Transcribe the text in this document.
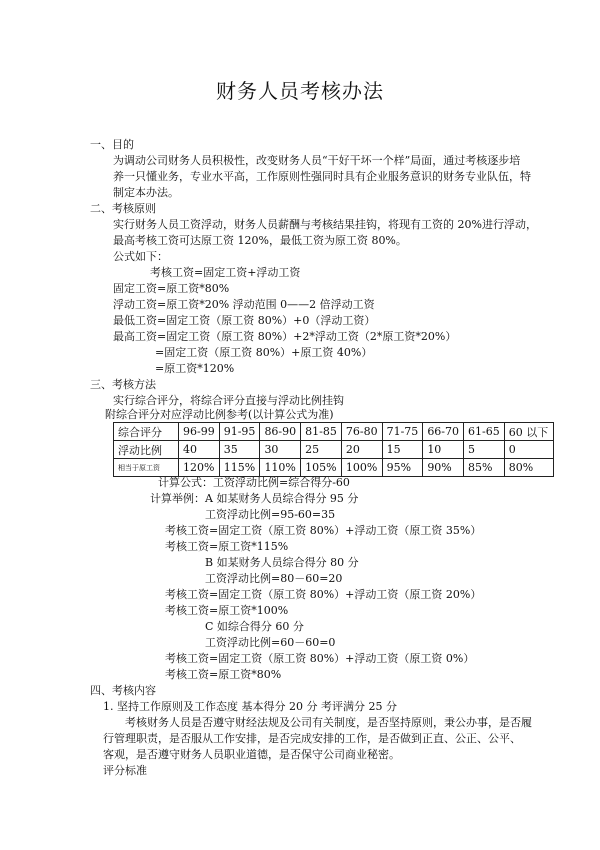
财务人员考核办法
一、目的
为调动公司财务人员积极性，改变财务人员“干好干坏一个样”局面，通过考核逐步培
养一只懂业务，专业水平高，工作原则性强同时具有企业服务意识的财务专业队伍，特
制定本办法。
二、考核原则
实行财务人员工资浮动，财务人员薪酬与考核结果挂钩，将现有工资的 20%进行浮动，
最高考核工资可达原工资 120%，最低工资为原工资 80%。
公式如下：
考核工资=固定工资+浮动工资
固定工资=原工资*80%
浮动工资=原工资*20% 浮动范围 0——2 倍浮动工资
最低工资=固定工资（原工资 80%）+0（浮动工资）
最高工资=固定工资（原工资 80%）+2*浮动工资（2*原工资*20%）
=固定工资（原工资 80%）+原工资 40%）
=原工资*120%
三、考核方法
实行综合评分，将综合评分直接与浮动比例挂钩
附综合评分对应浮动比例参考(以计算公式为准)
综合评分	96-99	91-95	86-90	81-85	76-80	71-75	66-70	61-65	60 以下
浮动比例	40	35	30	25	20	15	10	5	0
相当于原工资	120%	115%	110%	105%	100%	95%	90%	85%	80%
计算公式：工资浮动比例=综合得分-60
计算举例：A 如某财务人员综合得分 95 分
工资浮动比例=95-60=35
考核工资=固定工资（原工资 80%）+浮动工资（原工资 35%）
考核工资=原工资*115%
B 如某财务人员综合得分 80 分
工资浮动比例=80－60=20
考核工资=固定工资（原工资 80%）+浮动工资（原工资 20%）
考核工资=原工资*100%
C 如综合得分 60 分
工资浮动比例=60－60=0
考核工资=固定工资（原工资 80%）+浮动工资（原工资 0%）
考核工资=原工资*80%
四、考核内容
1. 坚持工作原则及工作态度 基本得分 20 分 考评满分 25 分
考核财务人员是否遵守财经法规及公司有关制度，是否坚持原则，秉公办事，是否履
行管理职责，是否服从工作安排，是否完成安排的工作，是否做到正直、公正、公平、
客观，是否遵守财务人员职业道德，是否保守公司商业秘密。
评分标准
